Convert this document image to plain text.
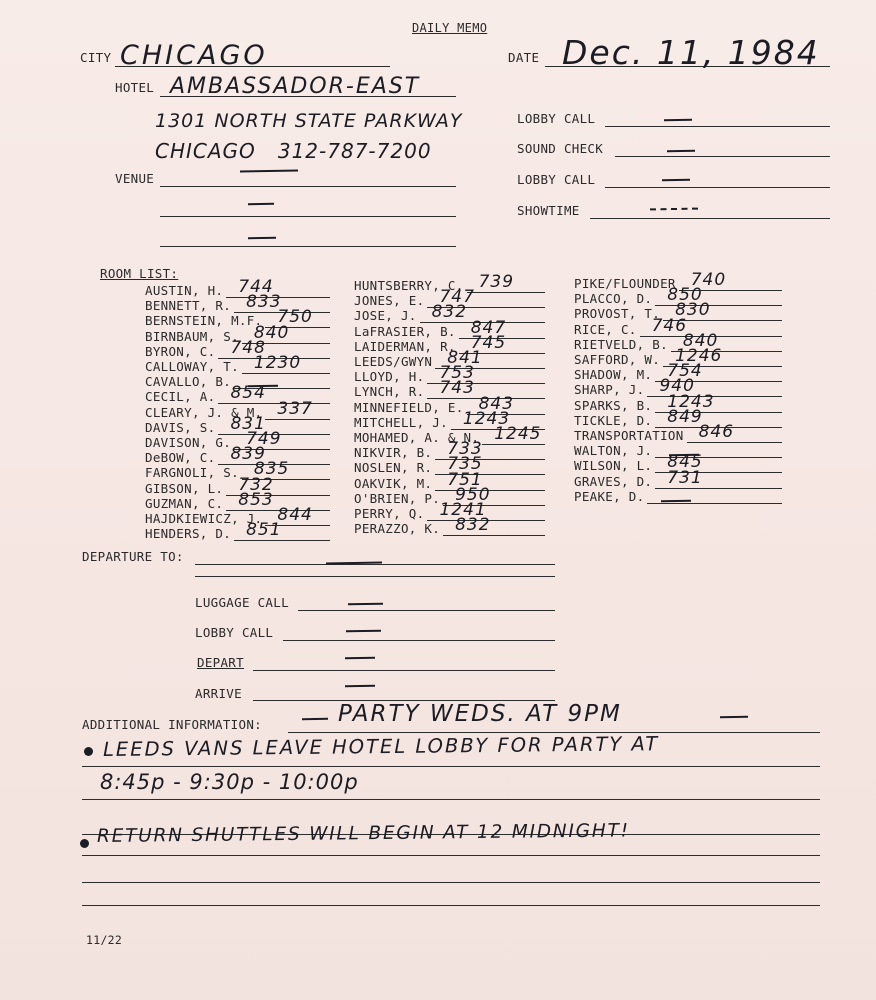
DAILY MEMO
CITY CHICAGO	DATE Dec. 11, 1984
HOTEL AMBASSADOR-EAST
1301 NORTH STATE PARKWAY
CHICAGO   312-787-7200
VENUE
LOBBY CALL
SOUND CHECK
LOBBY CALL
SHOWTIME
ROOM LIST:
AUSTIN, H. 744
BENNETT, R. 833
BERNSTEIN, M.F. 750
BIRNBAUM, S. 840
BYRON, C. 748
CALLOWAY, T. 1230
CAVALLO, B.
CECIL, A. 854
CLEARY, J. & M. 337
DAVIS, S. 831
DAVISON, G. 749
DeBOW, C. 839
FARGNOLI, S. 835
GIBSON, L. 732
GUZMAN, C. 853
HAJDKIEWICZ, J. 844
HENDERS, D. 851
HUNTSBERRY, C. 739
JONES, E. 747
JOSE, J. 832
LaFRASIER, B. 847
LAIDERMAN, R. 745
LEEDS/GWYN 841
LLOYD, H. 753
LYNCH, R. 743
MINNEFIELD, E. 843
MITCHELL, J. 1243
MOHAMED, A. & N. 1245
NIKVIR, B. 733
NOSLEN, R. 735
OAKVIK, M. 751
O'BRIEN, P. 950
PERRY, Q. 1241
PERAZZO, K. 832
PIKE/FLOUNDER 740
PLACCO, D. 850
PROVOST, T. 830
RICE, C. 746
RIETVELD, B. 840
SAFFORD, W. 1246
SHADOW, M. 754
SHARP, J. 940
SPARKS, B. 1243
TICKLE, D. 849
TRANSPORTATION 846
WALTON, J.
WILSON, L. 845
GRAVES, D. 731
PEAKE, D.
DEPARTURE TO:
LUGGAGE CALL
LOBBY CALL
DEPART
ARRIVE
ADDITIONAL INFORMATION:	PARTY WEDS. AT 9PM
LEEDS VANS LEAVE HOTEL LOBBY FOR PARTY AT
8:45p - 9:30p - 10:00p
RETURN SHUTTLES WILL BEGIN AT 12 MIDNIGHT!
11/22
